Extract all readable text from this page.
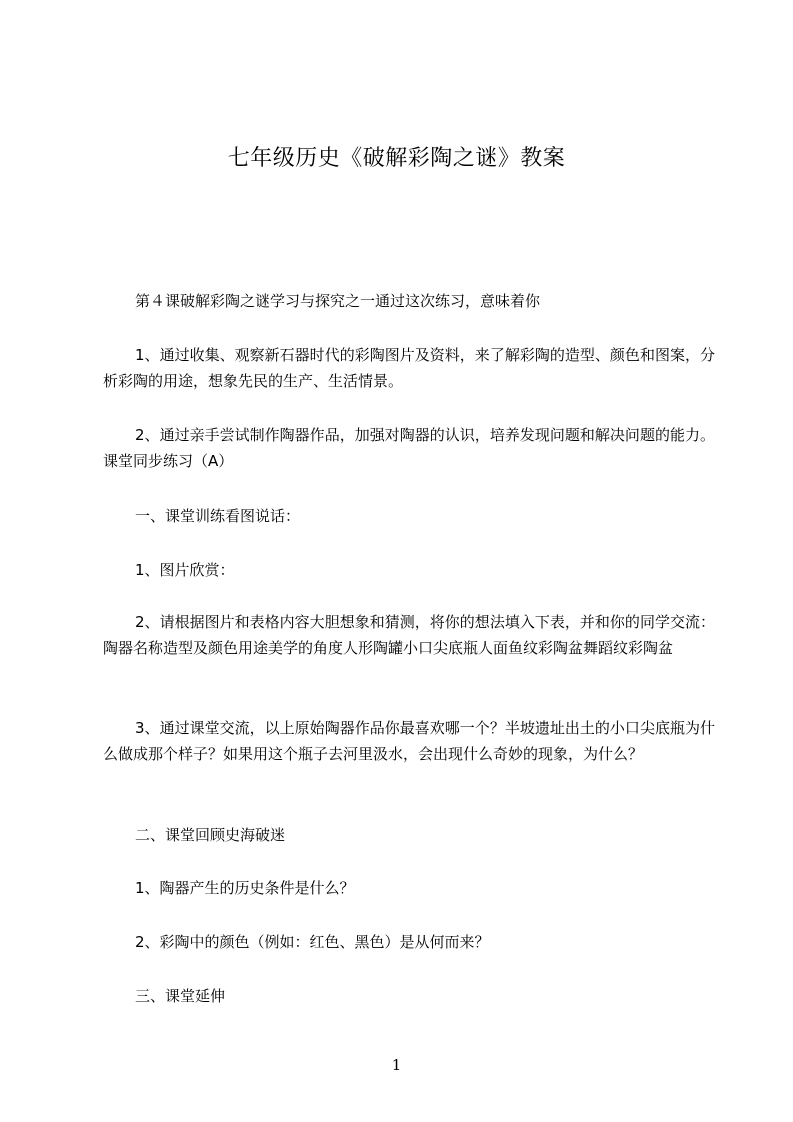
七年级历史《破解彩陶之谜》教案

第４课破解彩陶之谜学习与探究之一通过这次练习，意味着你

1、通过收集、观察新石器时代的彩陶图片及资料，来了解彩陶的造型、颜色和图案，分析彩陶的用途，想象先民的生产、生活情景。

2、通过亲手尝试制作陶器作品，加强对陶器的认识，培养发现问题和解决问题的能力。课堂同步练习（A）

一、课堂训练看图说话：

1、图片欣赏：

2、请根据图片和表格内容大胆想象和猜测，将你的想法填入下表，并和你的同学交流：陶器名称造型及颜色用途美学的角度人形陶罐小口尖底瓶人面鱼纹彩陶盆舞蹈纹彩陶盆

3、通过课堂交流，以上原始陶器作品你最喜欢哪一个？半坡遗址出土的小口尖底瓶为什么做成那个样子？如果用这个瓶子去河里汲水，会出现什么奇妙的现象，为什么？

二、课堂回顾史海破迷

1、陶器产生的历史条件是什么？

2、彩陶中的颜色（例如：红色、黑色）是从何而来？

三、课堂延伸

1
